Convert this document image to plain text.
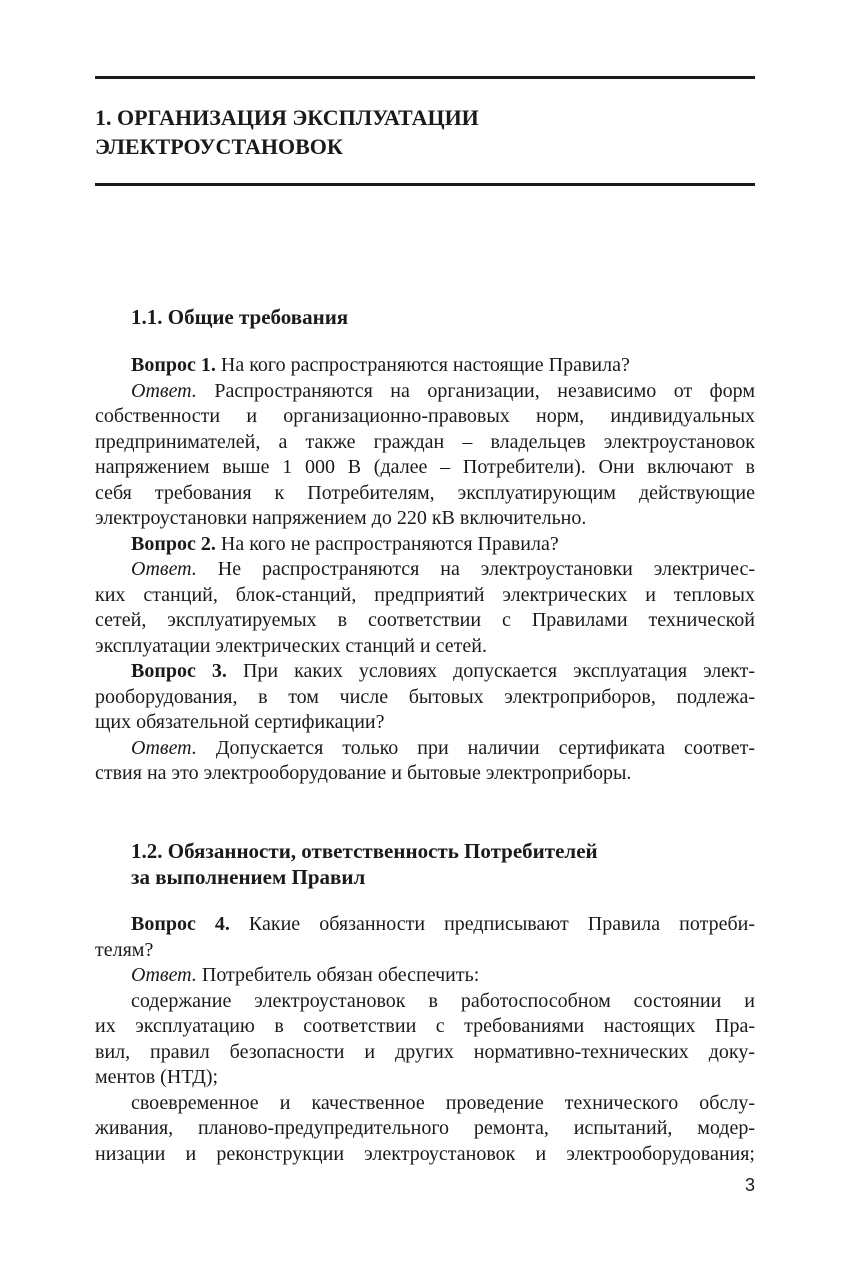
1. ОРГАНИЗАЦИЯ ЭКСПЛУАТАЦИИ
ЭЛЕКТРОУСТАНОВОК
1.1. Общие требования

Вопрос 1. На кого распространяются настоящие Правила?

Ответ. Распространяются на организации, независимо от форм
собственности и организационно-правовых норм, индивидуальных
предпринимателей, а также граждан – владельцев электроустановок
напряжением выше 1 000 В (далее – Потребители). Они включают в
себя требования к Потребителям, эксплуатирующим действующие
электроустановки напряжением до 220 кВ включительно.

Вопрос 2. На кого не распространяются Правила?

Ответ. Не распространяются на электроустановки электричес-
ких станций, блок-станций, предприятий электрических и тепловых
сетей, эксплуатируемых в соответствии с Правилами технической
эксплуатации электрических станций и сетей.

Вопрос 3. При каких условиях допускается эксплуатация элект-
рооборудования, в том числе бытовых электроприборов, подлежа-
щих обязательной сертификации?

Ответ. Допускается только при наличии сертификата соответ-
ствия на это электрооборудование и бытовые электроприборы.

1.2. Обязанности, ответственность Потребителей
за выполнением Правил

Вопрос 4. Какие обязанности предписывают Правила потреби-
телям?

Ответ. Потребитель обязан обеспечить:

содержание электроустановок в работоспособном состоянии и
их эксплуатацию в соответствии с требованиями настоящих Пра-
вил, правил безопасности и других нормативно-технических доку-
ментов (НТД);

своевременное и качественное проведение технического обслу-
живания, планово-предупредительного ремонта, испытаний, модер-
низации и реконструкции электроустановок и электрооборудования;

3
